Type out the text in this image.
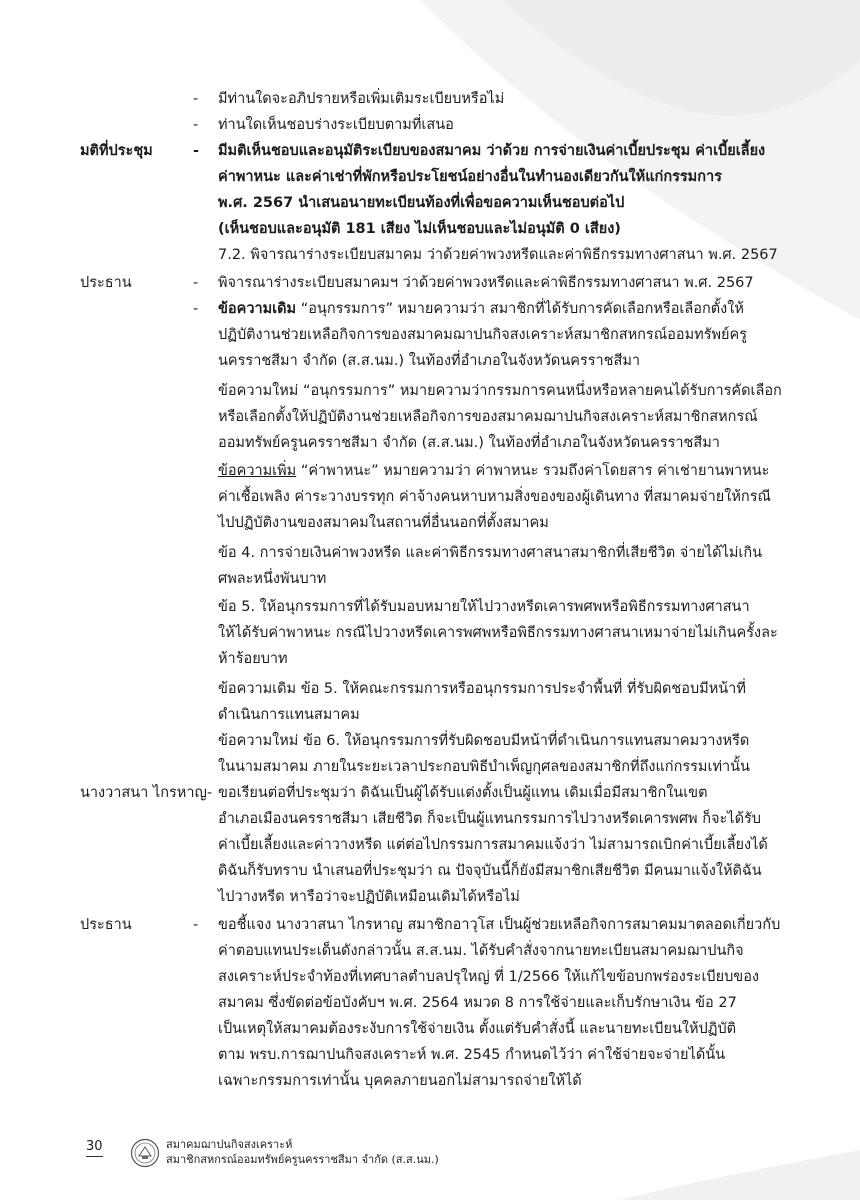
- มีท่านใดจะอภิปรายหรือเพิ่มเติมระเบียบหรือไม่
- ท่านใดเห็นชอบร่างระเบียบตามที่เสนอ
มติที่ประชุม	- มีมติเห็นชอบและอนุมัติระเบียบของสมาคม ว่าด้วย การจ่ายเงินค่าเบี้ยประชุม ค่าเบี้ยเลี้ยง
ค่าพาหนะ และค่าเช่าที่พักหรือประโยชน์อย่างอื่นในทำนองเดียวกันให้แก่กรรมการ
พ.ศ. 2567 นำเสนอนายทะเบียนท้องที่เพื่อขอความเห็นชอบต่อไป
(เห็นชอบและอนุมัติ 181 เสียง ไม่เห็นชอบและไม่อนุมัติ 0 เสียง)
7.2. พิจารณาร่างระเบียบสมาคม ว่าด้วยค่าพวงหรีดและค่าพิธีกรรมทางศาสนา พ.ศ. 2567
ประธาน	- พิจารณาร่างระเบียบสมาคมฯ ว่าด้วยค่าพวงหรีดและค่าพิธีกรรมทางศาสนา พ.ศ. 2567
- ข้อความเดิม “อนุกรรมการ” หมายความว่า สมาชิกที่ได้รับการคัดเลือกหรือเลือกตั้งให้
ปฏิบัติงานช่วยเหลือกิจการของสมาคมฌาปนกิจสงเคราะห์สมาชิกสหกรณ์ออมทรัพย์ครู
นครราชสีมา จำกัด (ส.ส.นม.) ในท้องที่อำเภอในจังหวัดนครราชสีมา
ข้อความใหม่ “อนุกรรมการ” หมายความว่ากรรมการคนหนึ่งหรือหลายคนได้รับการคัดเลือก
หรือเลือกตั้งให้ปฏิบัติงานช่วยเหลือกิจการของสมาคมฌาปนกิจสงเคราะห์สมาชิกสหกรณ์
ออมทรัพย์ครูนครราชสีมา จำกัด (ส.ส.นม.) ในท้องที่อำเภอในจังหวัดนครราชสีมา
ข้อความเพิ่ม “ค่าพาหนะ” หมายความว่า ค่าพาหนะ รวมถึงค่าโดยสาร ค่าเช่ายานพาหนะ
ค่าเชื้อเพลิง ค่าระวางบรรทุก ค่าจ้างคนหาบหามสิ่งของของผู้เดินทาง ที่สมาคมจ่ายให้กรณี
ไปปฏิบัติงานของสมาคมในสถานที่อื่นนอกที่ตั้งสมาคม
ข้อ 4. การจ่ายเงินค่าพวงหรีด และค่าพิธีกรรมทางศาสนาสมาชิกที่เสียชีวิต จ่ายได้ไม่เกิน
ศพละหนึ่งพันบาท
ข้อ 5. ให้อนุกรรมการที่ได้รับมอบหมายให้ไปวางหรีดเคารพศพหรือพิธีกรรมทางศาสนา
ให้ได้รับค่าพาหนะ กรณีไปวางหรีดเคารพศพหรือพิธีกรรมทางศาสนาเหมาจ่ายไม่เกินครั้งละ
ห้าร้อยบาท
ข้อความเดิม ข้อ 5. ให้คณะกรรมการหรืออนุกรรมการประจำพื้นที่ ที่รับผิดชอบมีหน้าที่
ดำเนินการแทนสมาคม
ข้อความใหม่ ข้อ 6. ให้อนุกรรมการที่รับผิดชอบมีหน้าที่ดำเนินการแทนสมาคมวางหรีด
ในนามสมาคม ภายในระยะเวลาประกอบพิธีบำเพ็ญกุศลของสมาชิกที่ถึงแก่กรรมเท่านั้น
นางวาสนา ไกรหาญ- ขอเรียนต่อที่ประชุมว่า ดิฉันเป็นผู้ได้รับแต่งตั้งเป็นผู้แทน เดิมเมื่อมีสมาชิกในเขต
อำเภอเมืองนครราชสีมา เสียชีวิต ก็จะเป็นผู้แทนกรรมการไปวางหรีดเคารพศพ ก็จะได้รับ
ค่าเบี้ยเลี้ยงและค่าวางหรีด แต่ต่อไปกรรมการสมาคมแจ้งว่า ไม่สามารถเบิกค่าเบี้ยเลี้ยงได้
ดิฉันก็รับทราบ นำเสนอที่ประชุมว่า ณ ปัจจุบันนี้ก็ยังมีสมาชิกเสียชีวิต มีคนมาแจ้งให้ดิฉัน
ไปวางหรีด หารือว่าจะปฏิบัติเหมือนเดิมได้หรือไม่
ประธาน	- ขอชี้แจง นางวาสนา ไกรหาญ สมาชิกอาวุโส เป็นผู้ช่วยเหลือกิจการสมาคมมาตลอดเกี่ยวกับ
ค่าตอบแทนประเด็นดังกล่าวนั้น ส.ส.นม. ได้รับคำสั่งจากนายทะเบียนสมาคมฌาปนกิจ
สงเคราะห์ประจำท้องที่เทศบาลตำบลปรุใหญ่ ที่ 1/2566 ให้แก้ไขข้อบกพร่องระเบียบของ
สมาคม ซึ่งขัดต่อข้อบังคับฯ พ.ศ. 2564 หมวด 8 การใช้จ่ายและเก็บรักษาเงิน ข้อ 27
เป็นเหตุให้สมาคมต้องระงับการใช้จ่ายเงิน ตั้งแต่รับคำสั่งนี้ และนายทะเบียนให้ปฏิบัติ
ตาม พรบ.การฌาปนกิจสงเคราะห์ พ.ศ. 2545 กำหนดไว้ว่า ค่าใช้จ่ายจะจ่ายได้นั้น
เฉพาะกรรมการเท่านั้น บุคคลภายนอกไม่สามารถจ่ายให้ได้
30	สมาคมฌาปนกิจสงเคราะห์
สมาชิกสหกรณ์ออมทรัพย์ครูนครราชสีมา จำกัด (ส.ส.นม.)
